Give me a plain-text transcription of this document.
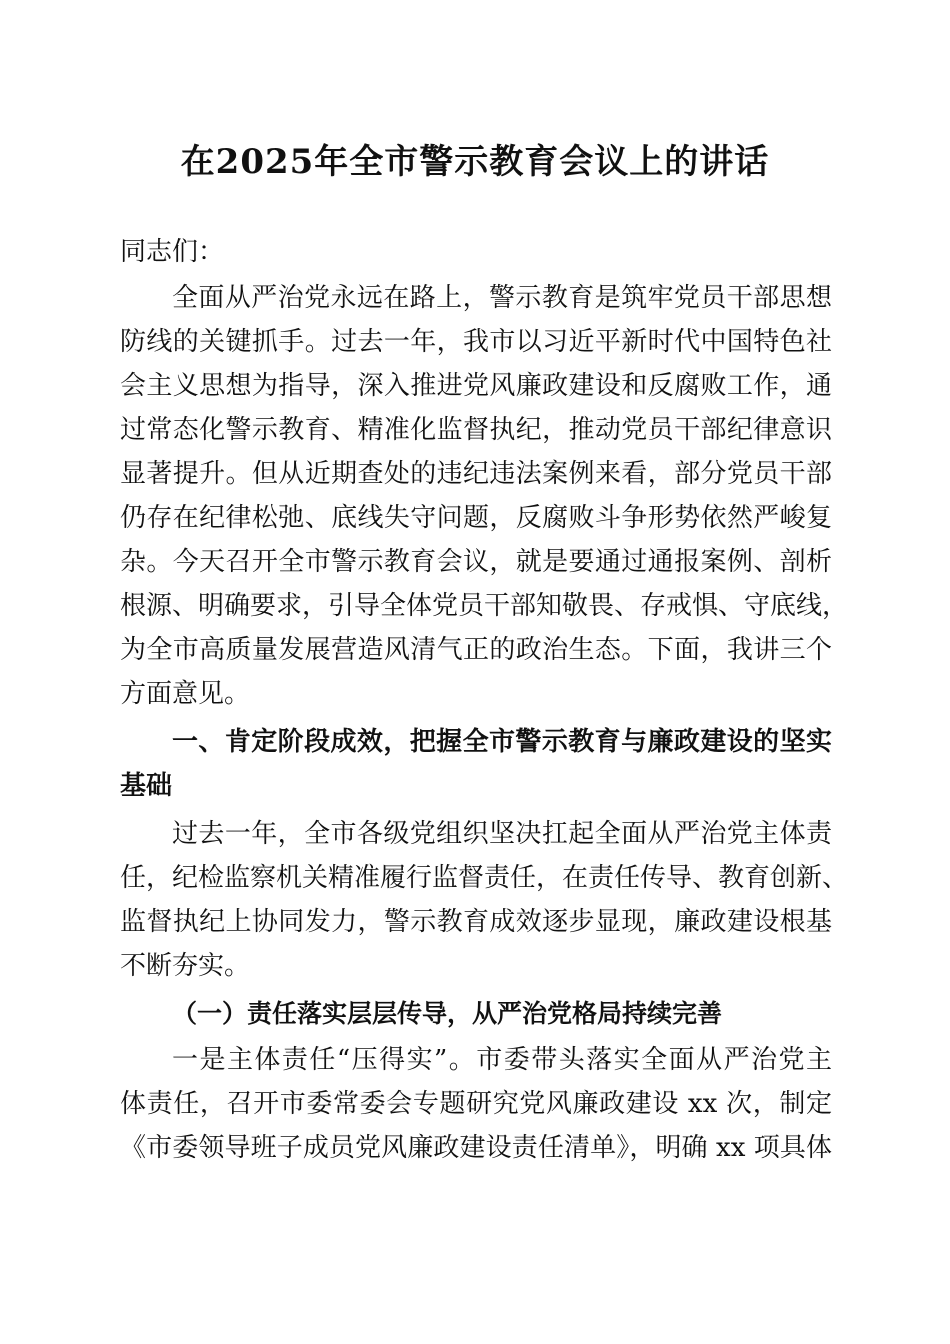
在2025年全市警示教育会议上的讲话

同志们：

全面从严治党永远在路上，警示教育是筑牢党员干部思想

防线的关键抓手。过去一年，我市以习近平新时代中国特色社

会主义思想为指导，深入推进党风廉政建设和反腐败工作，通

过常态化警示教育、精准化监督执纪，推动党员干部纪律意识

显著提升。但从近期查处的违纪违法案例来看，部分党员干部

仍存在纪律松弛、底线失守问题，反腐败斗争形势依然严峻复

杂。今天召开全市警示教育会议，就是要通过通报案例、剖析

根源、明确要求，引导全体党员干部知敬畏、存戒惧、守底线，

为全市高质量发展营造风清气正的政治生态。下面，我讲三个

方面意见。

一、肯定阶段成效，把握全市警示教育与廉政建设的坚实

基础

过去一年，全市各级党组织坚决扛起全面从严治党主体责

任，纪检监察机关精准履行监督责任，在责任传导、教育创新、

监督执纪上协同发力，警示教育成效逐步显现，廉政建设根基

不断夯实。

（一）责任落实层层传导，从严治党格局持续完善

一是主体责任“压得实”。市委带头落实全面从严治党主

体责任，召开市委常委会专题研究党风廉政建设 xx 次，制定

《市委领导班子成员党风廉政建设责任清单》，明确 xx 项具体
